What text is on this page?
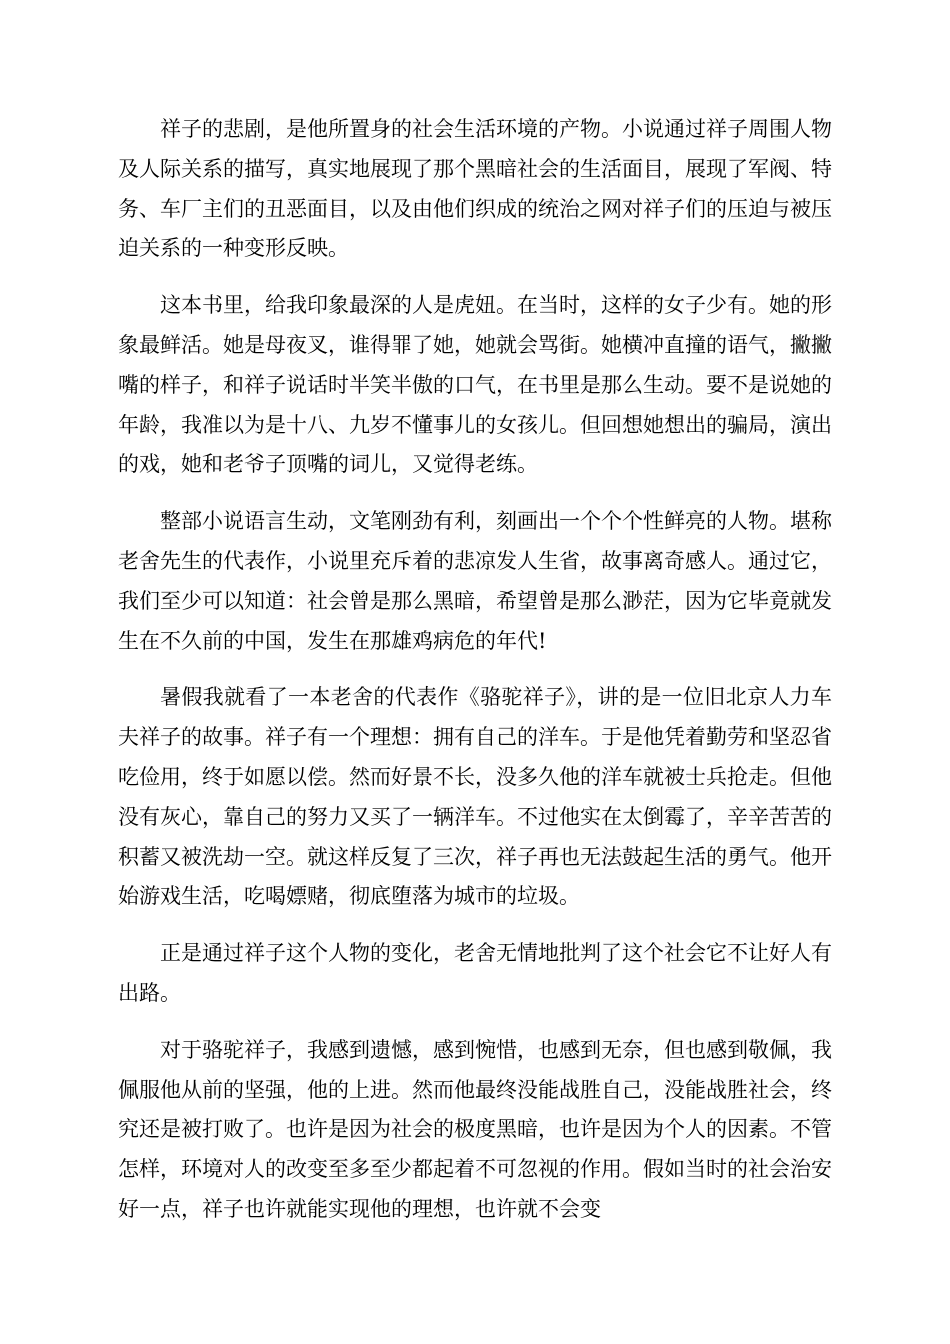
祥子的悲剧，是他所置身的社会生活环境的产物。小说通过祥子周围人物及人际关系的描写，真实地展现了那个黑暗社会的生活面目，展现了军阀、特务、车厂主们的丑恶面目，以及由他们织成的统治之网对祥子们的压迫与被压迫关系的一种变形反映。

这本书里，给我印象最深的人是虎妞。在当时，这样的女子少有。她的形象最鲜活。她是母夜叉，谁得罪了她，她就会骂街。她横冲直撞的语气，撇撇嘴的样子，和祥子说话时半笑半傲的口气，在书里是那么生动。要不是说她的年龄，我准以为是十八、九岁不懂事儿的女孩儿。但回想她想出的骗局，演出的戏，她和老爷子顶嘴的词儿，又觉得老练。

整部小说语言生动，文笔刚劲有利，刻画出一个个个性鲜亮的人物。堪称老舍先生的代表作，小说里充斥着的悲凉发人生省，故事离奇感人。通过它，我们至少可以知道：社会曾是那么黑暗，希望曾是那么渺茫，因为它毕竟就发生在不久前的中国，发生在那雄鸡病危的年代!

暑假我就看了一本老舍的代表作《骆驼祥子》，讲的是一位旧北京人力车夫祥子的故事。祥子有一个理想：拥有自己的洋车。于是他凭着勤劳和坚忍省吃俭用，终于如愿以偿。然而好景不长，没多久他的洋车就被士兵抢走。但他没有灰心，靠自己的努力又买了一辆洋车。不过他实在太倒霉了，辛辛苦苦的积蓄又被洗劫一空。就这样反复了三次，祥子再也无法鼓起生活的勇气。他开始游戏生活，吃喝嫖赌，彻底堕落为城市的垃圾。

正是通过祥子这个人物的变化，老舍无情地批判了这个社会它不让好人有出路。

对于骆驼祥子，我感到遗憾，感到惋惜，也感到无奈，但也感到敬佩，我佩服他从前的坚强，他的上进。然而他最终没能战胜自己，没能战胜社会，终究还是被打败了。也许是因为社会的极度黑暗，也许是因为个人的因素。不管怎样，环境对人的改变至多至少都起着不可忽视的作用。假如当时的社会治安好一点，祥子也许就能实现他的理想，也许就不会变
